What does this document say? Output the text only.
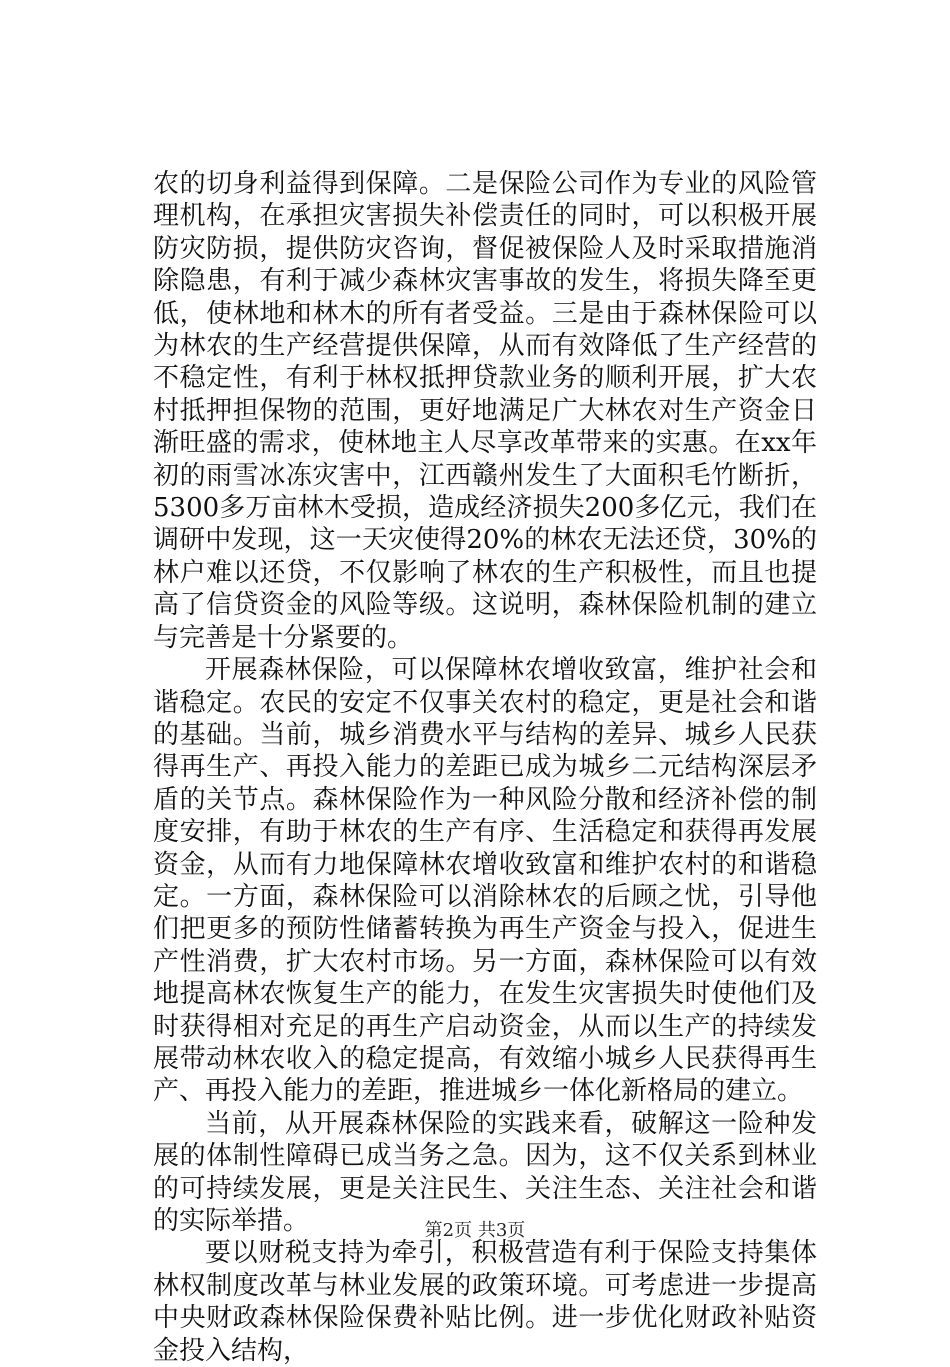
农的切身利益得到保障。二是保险公司作为专业的风险管理机构，在承担灾害损失补偿责任的同时，可以积极开展防灾防损，提供防灾咨询，督促被保险人及时采取措施消除隐患，有利于减少森林灾害事故的发生，将损失降至更低，使林地和林木的所有者受益。三是由于森林保险可以为林农的生产经营提供保障，从而有效降低了生产经营的不稳定性，有利于林权抵押贷款业务的顺利开展，扩大农村抵押担保物的范围，更好地满足广大林农对生产资金日渐旺盛的需求，使林地主人尽享改革带来的实惠。在xx年初的雨雪冰冻灾害中，江西赣州发生了大面积毛竹断折，5300多万亩林木受损，造成经济损失200多亿元，我们在调研中发现，这一天灾使得20%的林农无法还贷，30%的林户难以还贷，不仅影响了林农的生产积极性，而且也提高了信贷资金的风险等级。这说明，森林保险机制的建立与完善是十分紧要的。

开展森林保险，可以保障林农增收致富，维护社会和谐稳定。农民的安定不仅事关农村的稳定，更是社会和谐的基础。当前，城乡消费水平与结构的差异、城乡人民获得再生产、再投入能力的差距已成为城乡二元结构深层矛盾的关节点。森林保险作为一种风险分散和经济补偿的制度安排，有助于林农的生产有序、生活稳定和获得再发展资金，从而有力地保障林农增收致富和维护农村的和谐稳定。一方面，森林保险可以消除林农的后顾之忧，引导他们把更多的预防性储蓄转换为再生产资金与投入，促进生产性消费，扩大农村市场。另一方面，森林保险可以有效地提高林农恢复生产的能力，在发生灾害损失时使他们及时获得相对充足的再生产启动资金，从而以生产的持续发展带动林农收入的稳定提高，有效缩小城乡人民获得再生产、再投入能力的差距，推进城乡一体化新格局的建立。

当前，从开展森林保险的实践来看，破解这一险种发展的体制性障碍已成当务之急。因为，这不仅关系到林业的可持续发展，更是关注民生、关注生态、关注社会和谐的实际举措。

要以财税支持为牵引，积极营造有利于保险支持集体林权制度改革与林业发展的政策环境。可考虑进一步提高中央财政森林保险保费补贴比例。进一步优化财政补贴资金投入结构，

第2页 共3页
